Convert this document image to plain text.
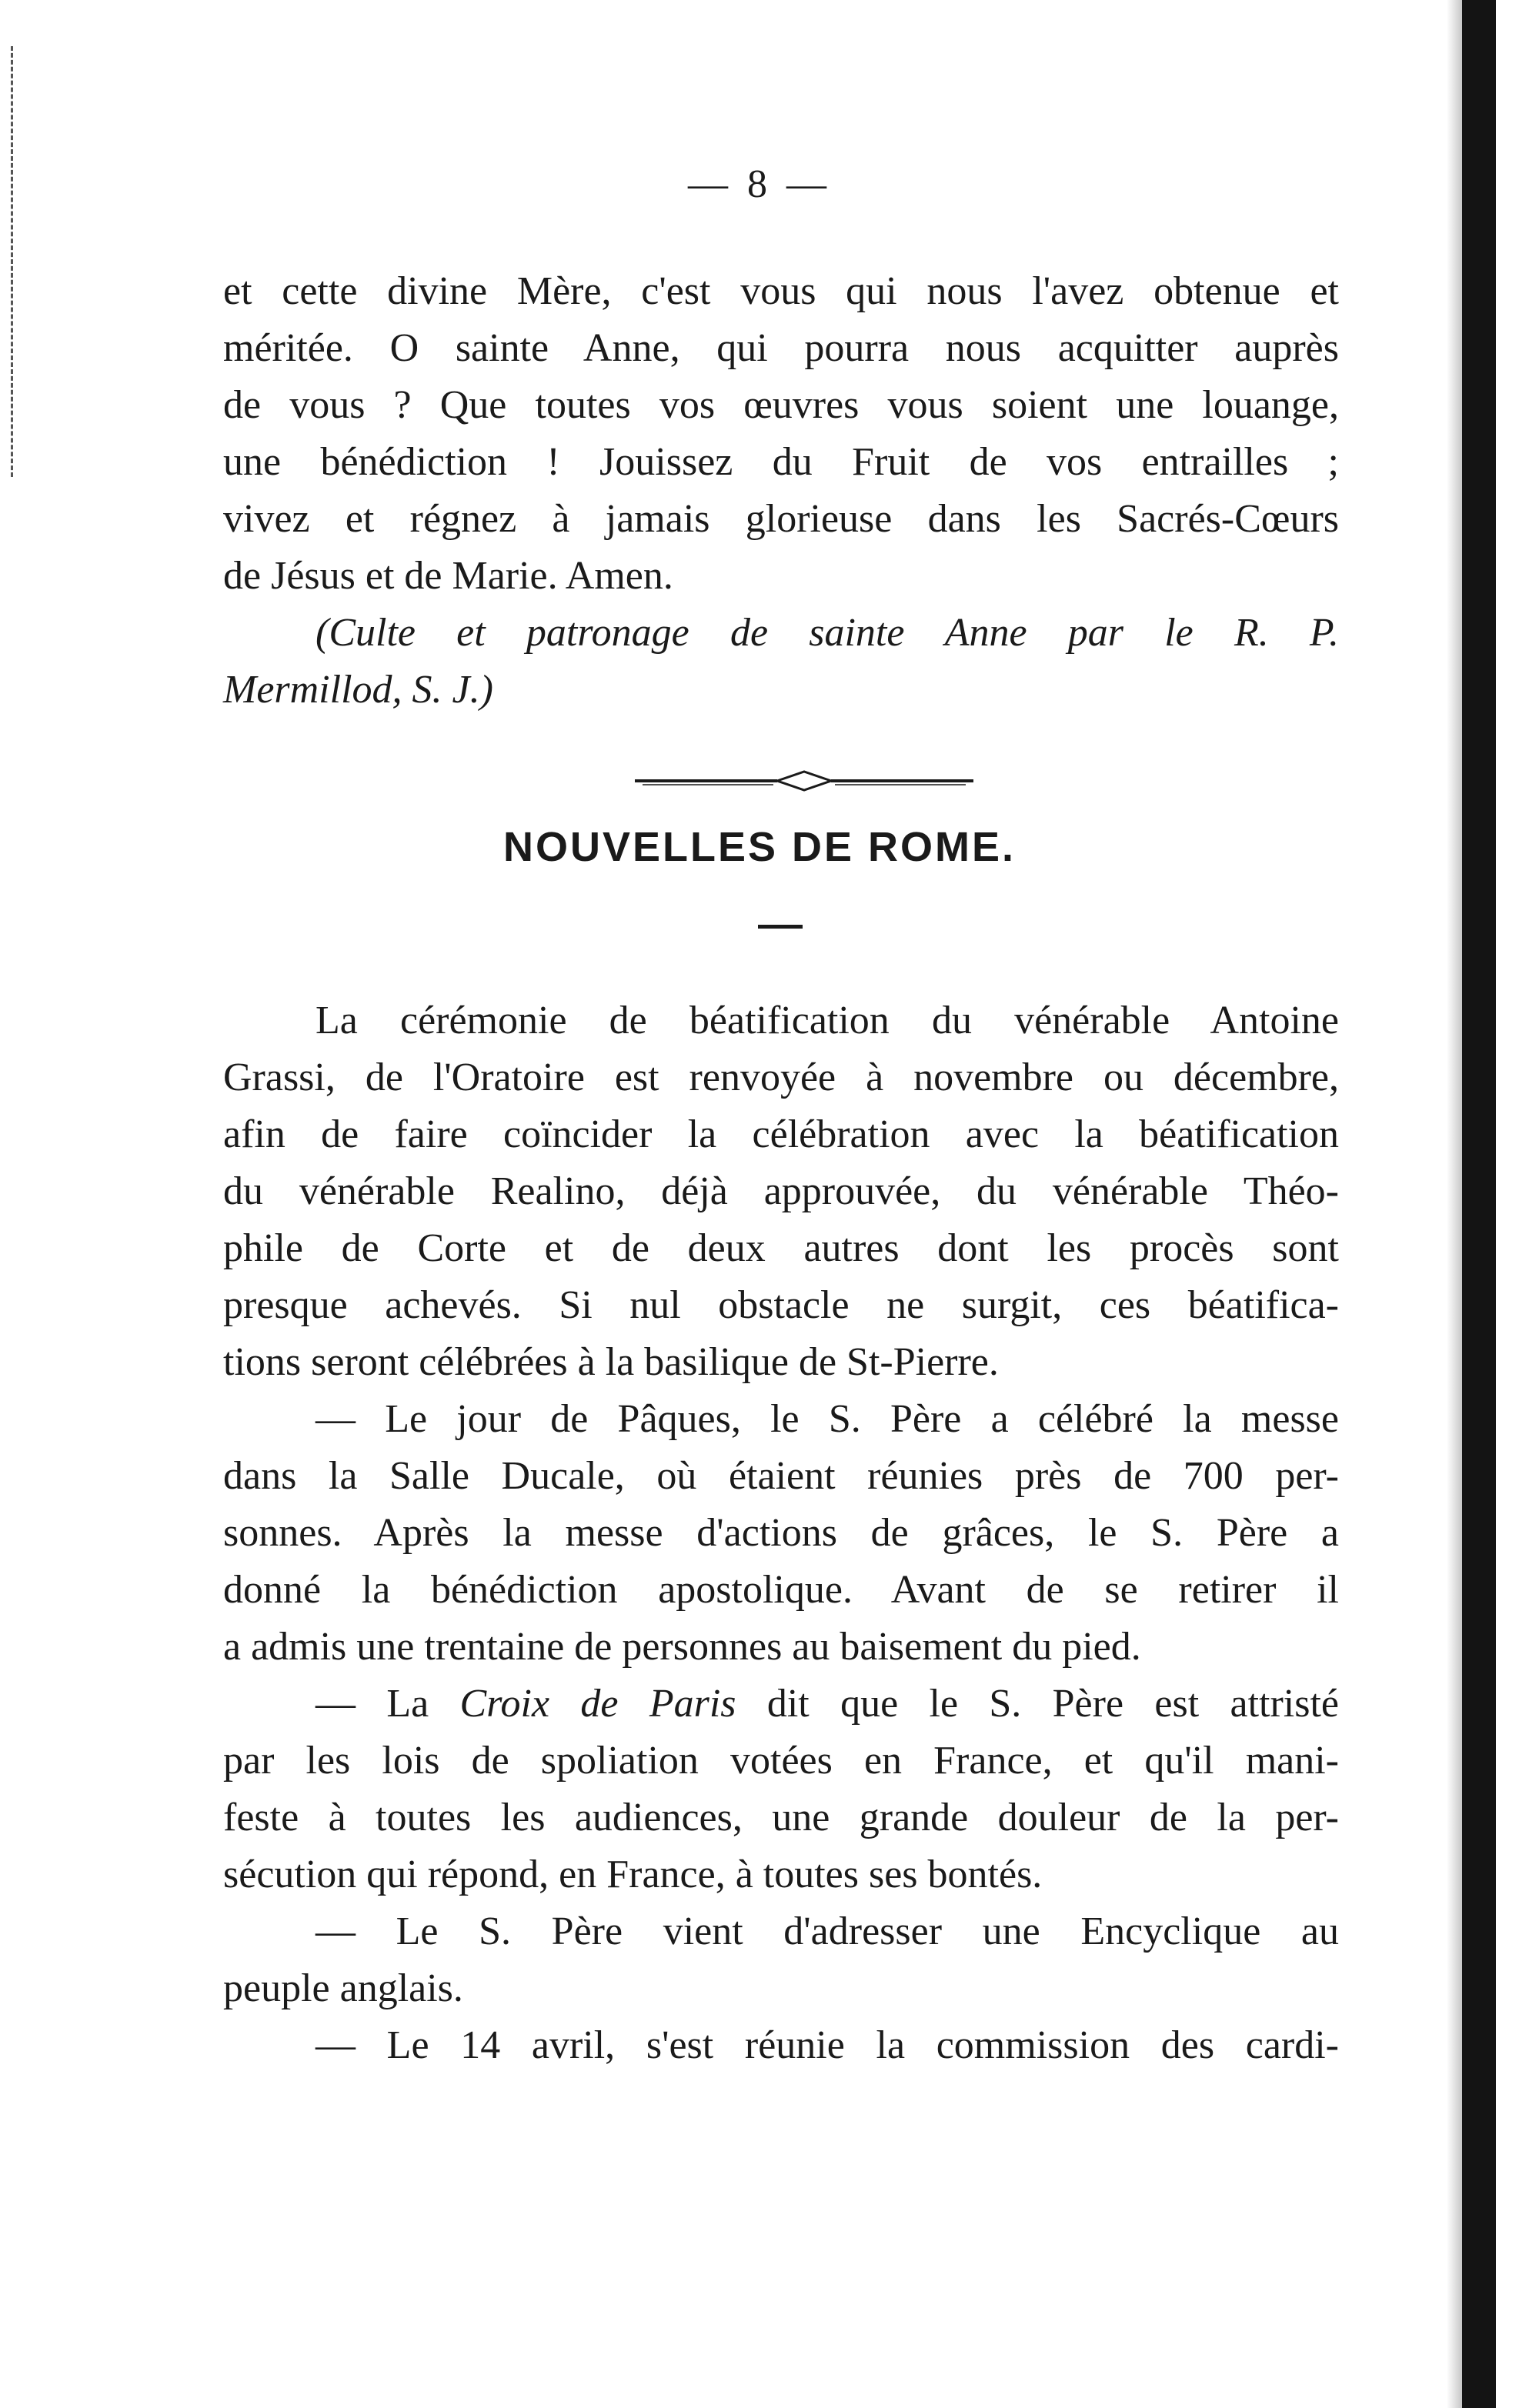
— 8 —
et cette divine Mère, c'est vous qui nous l'avez obtenue et
méritée. O sainte Anne, qui pourra nous acquitter auprès
de vous ? Que toutes vos œuvres vous soient une louange,
une bénédiction ! Jouissez du Fruit de vos entrailles ;
vivez et régnez à jamais glorieuse dans les Sacrés-Cœurs
de Jésus et de Marie. Amen.
(Culte et patronage de sainte Anne par le R. P.
Mermillod, S. J.)
NOUVELLES DE ROME.
La cérémonie de béatification du vénérable Antoine
Grassi, de l'Oratoire est renvoyée à novembre ou décembre,
afin de faire coïncider la célébration avec la béatification
du vénérable Realino, déjà approuvée, du vénérable Théo-
phile de Corte et de deux autres dont les procès sont
presque achevés. Si nul obstacle ne surgit, ces béatifica-
tions seront célébrées à la basilique de St-Pierre.
— Le jour de Pâques, le S. Père a célébré la messe
dans la Salle Ducale, où étaient réunies près de 700 per-
sonnes. Après la messe d'actions de grâces, le S. Père a
donné la bénédiction apostolique. Avant de se retirer il
a admis une trentaine de personnes au baisement du pied.
— La Croix de Paris dit que le S. Père est attristé
par les lois de spoliation votées en France, et qu'il mani-
feste à toutes les audiences, une grande douleur de la per-
sécution qui répond, en France, à toutes ses bontés.
— Le S. Père vient d'adresser une Encyclique au
peuple anglais.
— Le 14 avril, s'est réunie la commission des cardi-
